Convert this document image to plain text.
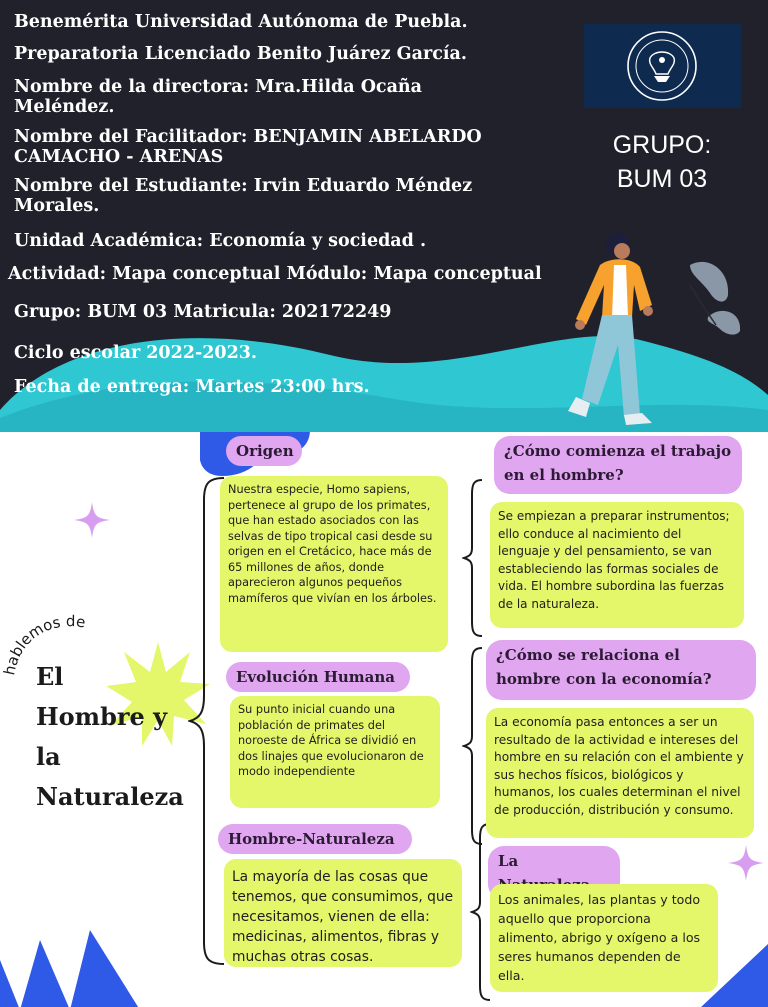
Benemérita Universidad Autónoma de Puebla.
Preparatoria Licenciado Benito Juárez García.
Nombre de la directora: Mra.Hilda Ocaña
Meléndez.
Nombre del Facilitador: BENJAMIN ABELARDO
CAMACHO - ARENAS
Nombre del Estudiante: Irvin Eduardo Méndez
Morales.
Unidad Académica: Economía y sociedad .
Actividad: Mapa conceptual Módulo: Mapa conceptual
Grupo: BUM 03 Matricula: 202172249
Ciclo escolar 2022-2023.
Fecha de entrega: Martes 23:00 hrs.
GRUPO:
BUM 03
hablemos de
El
Hombre y
la
Naturaleza
Origen
Nuestra especie, Homo sapiens, pertenece al grupo de los primates, que han estado asociados con las selvas de tipo tropical casi desde su origen en el Cretácico, hace más de 65 millones de años, donde aparecieron algunos pequeños mamíferos que vivían en los árboles.
Evolución Humana
Su punto inicial cuando una población de primates del noroeste de África se dividió en dos linajes que evolucionaron de modo independiente
Hombre-Naturaleza
La mayoría de las cosas que tenemos, que consumimos, que necesitamos, vienen de ella: medicinas, alimentos, fibras y muchas otras cosas.
¿Cómo comienza el trabajo en el hombre?
Se empiezan a preparar instrumentos; ello conduce al nacimiento del lenguaje y del pensamiento, se van estableciendo las formas sociales de vida. El hombre subordina las fuerzas de la naturaleza.
¿Cómo se relaciona el hombre con la economía?
La economía pasa entonces a ser un resultado de la actividad e intereses del hombre en su relación con el ambiente y sus hechos físicos, biológicos y humanos, los cuales determinan el nivel de producción, distribución y consumo.
La
Los animales, las plantas y todo aquello que proporciona alimento, abrigo y oxígeno a los seres humanos dependen de ella.
